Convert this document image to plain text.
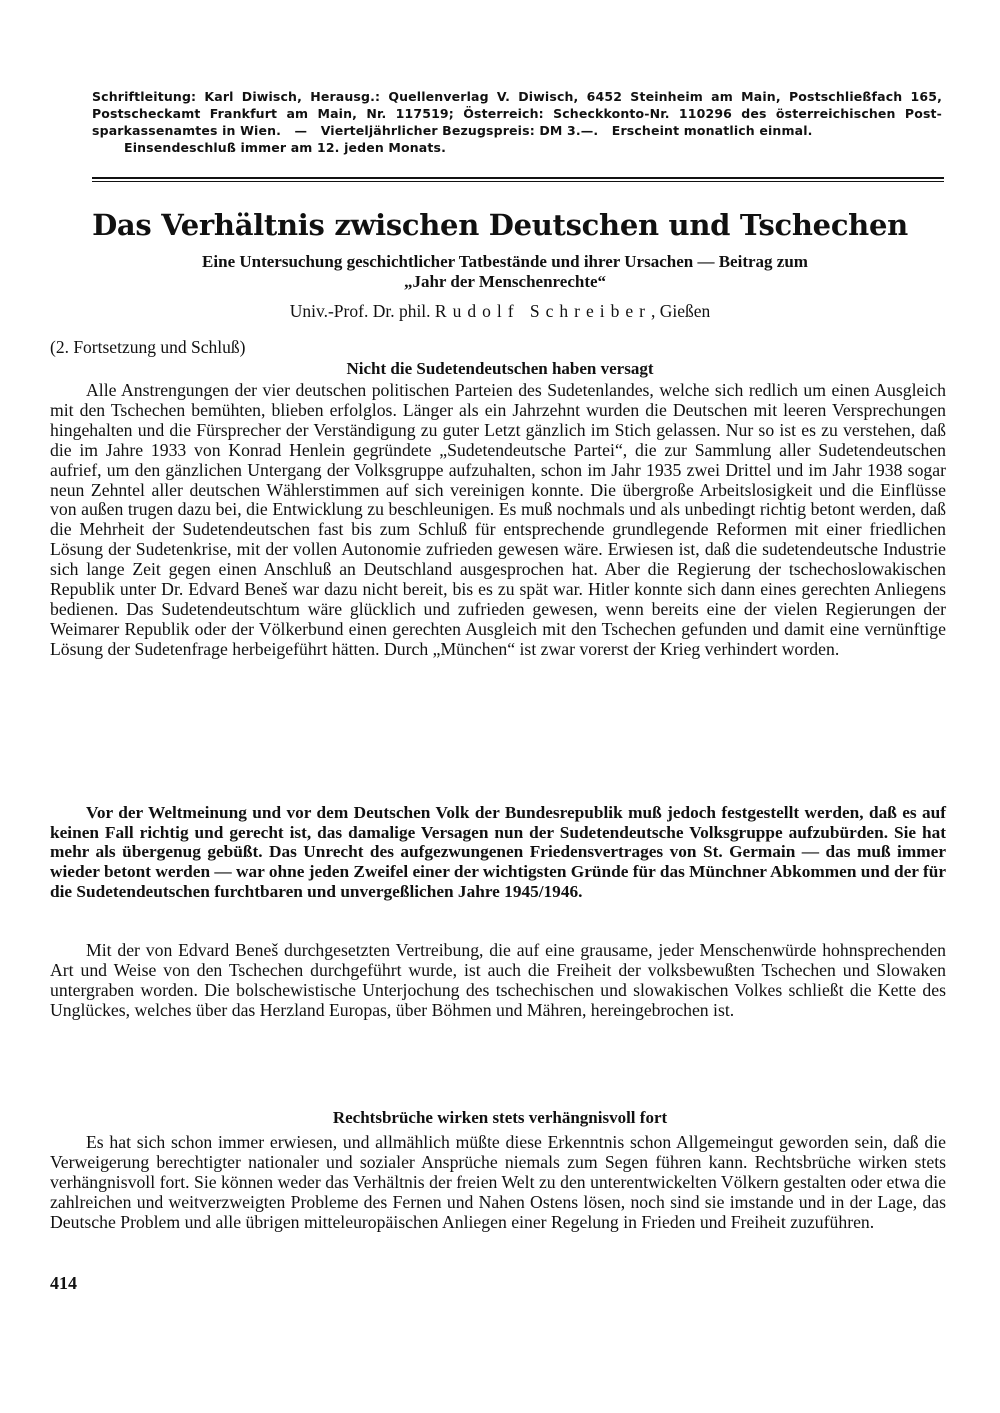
Schriftleitung: Karl Diwisch, Herausg.: Quellenverlag V. Diwisch, 6452 Steinheim am Main, Postschließfach 165,
Postscheckamt Frankfurt am Main, Nr. 117519; Österreich: Scheckkonto-Nr. 110296 des österreichischen Post-
sparkassenamtes in Wien.   —   Vierteljährlicher Bezugspreis: DM 3.—.   Erscheint monatlich einmal.
Einsendeschluß immer am 12. jeden Monats.
Das Verhältnis zwischen Deutschen und Tschechen
Eine Untersuchung geschichtlicher Tatbestände und ihrer Ursachen — Beitrag zum
„Jahr der Menschenrechte“
Univ.-Prof. Dr. phil. Rudolf Schreiber, Gießen
(2. Fortsetzung und Schluß)
Nicht die Sudetendeutschen haben versagt
Alle Anstrengungen der vier deutschen politischen Parteien des Sudetenlandes, welche sich redlich um einen Ausgleich mit den Tschechen bemühten, blieben erfolglos. Länger als ein Jahrzehnt wurden die Deutschen mit leeren Versprechungen hingehalten und die Fürsprecher der Verständigung zu guter Letzt gänzlich im Stich gelassen. Nur so ist es zu verstehen, daß die im Jahre 1933 von Konrad Henlein gegründete „Sudetendeutsche Partei“, die zur Sammlung aller Sudetendeutschen aufrief, um den gänzlichen Untergang der Volksgruppe aufzuhalten, schon im Jahr 1935 zwei Drittel und im Jahr 1938 sogar neun Zehntel aller deutschen Wählerstimmen auf sich vereinigen konnte. Die übergroße Arbeitslosigkeit und die Einflüsse von außen trugen dazu bei, die Entwicklung zu beschleunigen. Es muß nochmals und als unbedingt richtig betont werden, daß die Mehrheit der Sudetendeutschen fast bis zum Schluß für entsprechende grundlegende Reformen mit einer friedlichen Lösung der Sudetenkrise, mit der vollen Autonomie zufrieden gewesen wäre. Erwiesen ist, daß die sudetendeutsche Industrie sich lange Zeit gegen einen Anschluß an Deutschland ausgesprochen hat. Aber die Regierung der tschechoslowakischen Republik unter Dr. Edvard Beneš war dazu nicht bereit, bis es zu spät war. Hitler konnte sich dann eines gerechten Anliegens bedienen. Das Sudetendeutschtum wäre glücklich und zufrieden gewesen, wenn bereits eine der vielen Regierungen der Weimarer Republik oder der Völkerbund einen gerechten Ausgleich mit den Tschechen gefunden und damit eine vernünftige Lösung der Sudetenfrage herbeigeführt hätten. Durch „München“ ist zwar vorerst der Krieg verhindert worden.
Vor der Weltmeinung und vor dem Deutschen Volk der Bundesrepublik muß jedoch festgestellt werden, daß es auf keinen Fall richtig und gerecht ist, das damalige Versagen nun der Sudetendeutsche Volksgruppe aufzubürden. Sie hat mehr als übergenug gebüßt. Das Unrecht des aufgezwungenen Friedensvertrages von St. Germain — das muß immer wieder betont werden — war ohne jeden Zweifel einer der wichtigsten Gründe für das Münchner Abkommen und der für die Sudetendeutschen furchtbaren und unvergeßlichen Jahre 1945/1946.
Mit der von Edvard Beneš durchgesetzten Vertreibung, die auf eine grausame, jeder Menschenwürde hohnsprechenden Art und Weise von den Tschechen durchgeführt wurde, ist auch die Freiheit der volksbewußten Tschechen und Slowaken untergraben worden. Die bolschewistische Unterjochung des tschechischen und slowakischen Volkes schließt die Kette des Unglückes, welches über das Herzland Europas, über Böhmen und Mähren, hereingebrochen ist.
Rechtsbrüche wirken stets verhängnisvoll fort
Es hat sich schon immer erwiesen, und allmählich müßte diese Erkenntnis schon Allgemeingut geworden sein, daß die Verweigerung berechtigter nationaler und sozialer Ansprüche niemals zum Segen führen kann. Rechtsbrüche wirken stets verhängnisvoll fort. Sie können weder das Verhältnis der freien Welt zu den unterentwickelten Völkern gestalten oder etwa die zahlreichen und weitverzweigten Probleme des Fernen und Nahen Ostens lösen, noch sind sie imstande und in der Lage, das Deutsche Problem und alle übrigen mitteleuropäischen Anliegen einer Regelung in Frieden und Freiheit zuzuführen.
414
